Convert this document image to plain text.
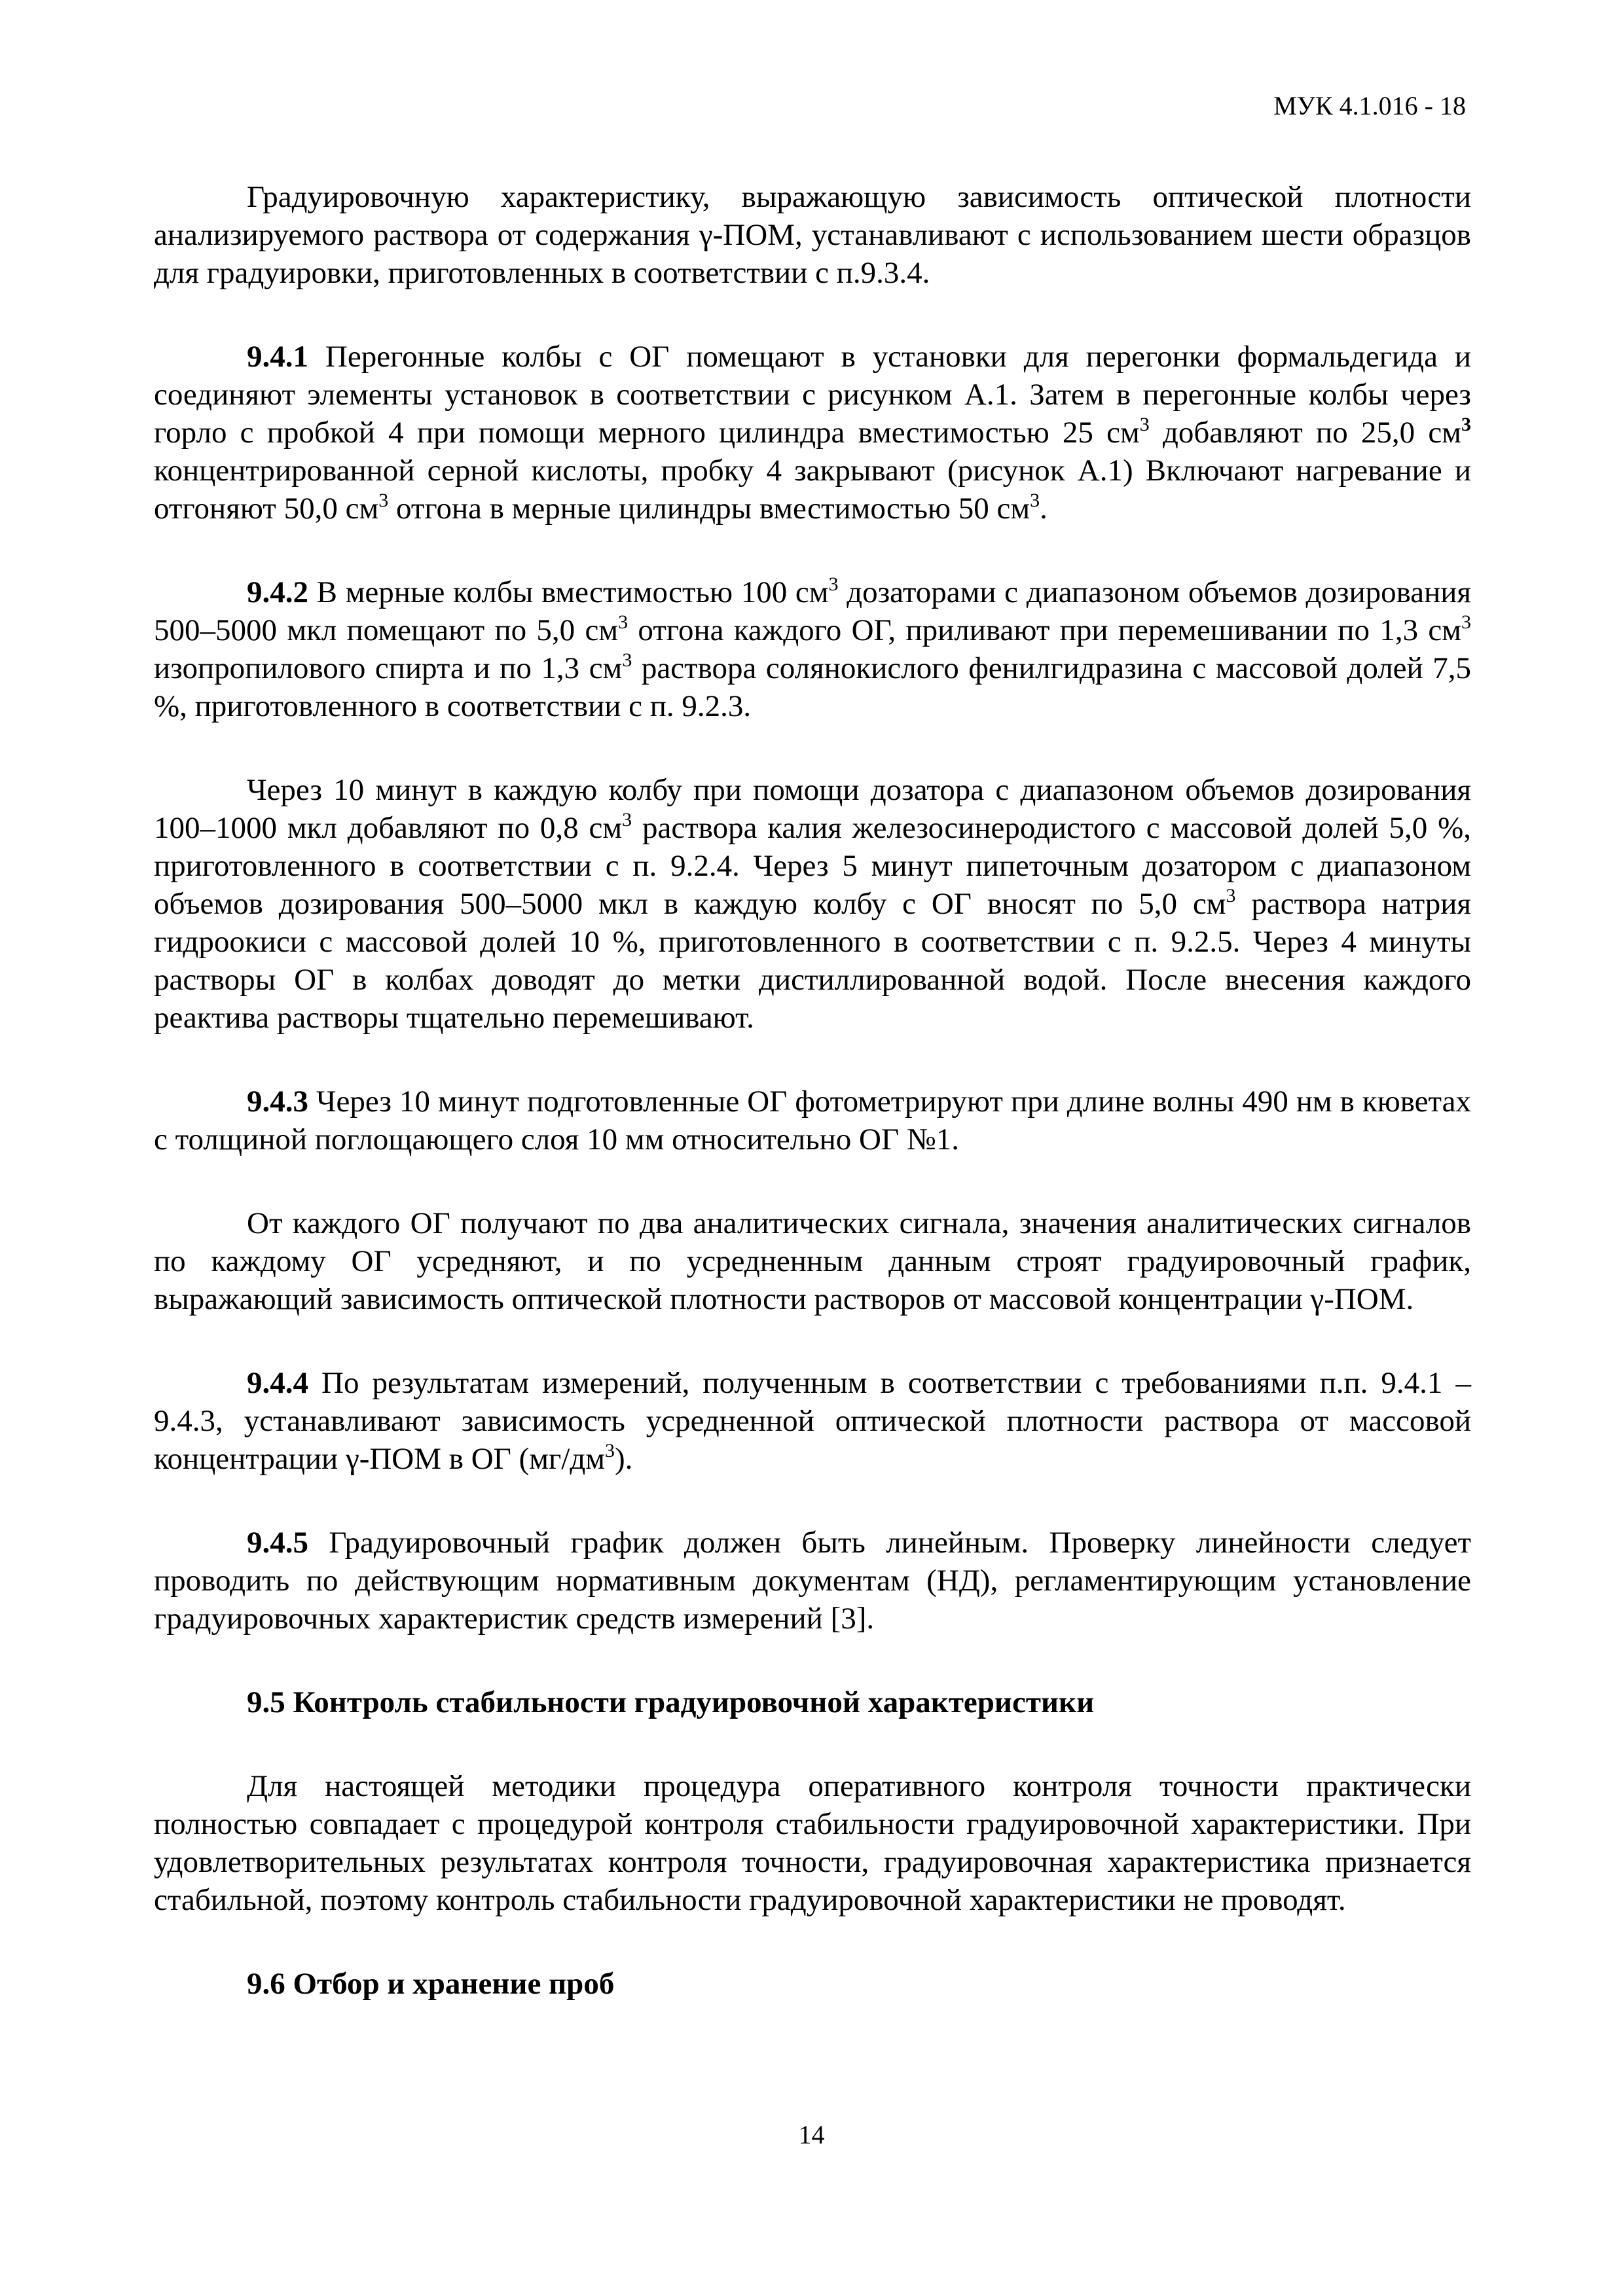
МУК 4.1.016 - 18

Градуировочную характеристику, выражающую зависимость оптической плотности анализируемого раствора от содержания γ-ПОМ, устанавливают с использованием шести образцов для градуировки, приготовленных в соответствии с п.9.3.4.

9.4.1 Перегонные колбы с ОГ помещают в установки для перегонки формальдегида и соединяют элементы установок в соответствии с рисунком А.1. Затем в перегонные колбы через горло с пробкой 4 при помощи мерного цилиндра вместимостью 25 $см^3$ добавляют по 25,0 $см^3$ концентрированной серной кислоты, пробку 4 закрывают (рисунок А.1) Включают нагревание и отгоняют 50,0 $см^3$ отгона в мерные цилиндры вместимостью 50 $см^3$.

9.4.2 В мерные колбы вместимостью 100 $см^3$ дозаторами с диапазоном объемов дозирования 500–5000 мкл помещают по 5,0 $см^3$ отгона каждого ОГ, приливают при перемешивании по 1,3 $см^3$ изопропилового спирта и по 1,3 $см^3$ раствора солянокислого фенилгидразина с массовой долей 7,5 %, приготовленного в соответствии с п. 9.2.3.

Через 10 минут в каждую колбу при помощи дозатора с диапазоном объемов дозирования 100–1000 мкл добавляют по 0,8 $см^3$ раствора калия железосинеродистого с массовой долей 5,0 %, приготовленного в соответствии с п. 9.2.4. Через 5 минут пипеточным дозатором с диапазоном объемов дозирования 500–5000 мкл в каждую колбу с ОГ вносят по 5,0 $см^3$ раствора натрия гидроокиси с массовой долей 10 %, приготовленного в соответствии с п. 9.2.5. Через 4 минуты растворы ОГ в колбах доводят до метки дистиллированной водой. После внесения каждого реактива растворы тщательно перемешивают.

9.4.3 Через 10 минут подготовленные ОГ фотометрируют при длине волны 490 нм в кюветах с толщиной поглощающего слоя 10 мм относительно ОГ №1.

От каждого ОГ получают по два аналитических сигнала, значения аналитических сигналов по каждому ОГ усредняют, и по усредненным данным строят градуировочный график, выражающий зависимость оптической плотности растворов от массовой концентрации γ-ПОМ.

9.4.4 По результатам измерений, полученным в соответствии с требованиями п.п. 9.4.1 – 9.4.3, устанавливают зависимость усредненной оптической плотности раствора от массовой концентрации γ-ПОМ в ОГ $(мг/дм^3)$.

9.4.5 Градуировочный график должен быть линейным. Проверку линейности следует проводить по действующим нормативным документам (НД), регламентирующим установление градуировочных характеристик средств измерений [3].

9.5 Контроль стабильности градуировочной характеристики

Для настоящей методики процедура оперативного контроля точности практически полностью совпадает с процедурой контроля стабильности градуировочной характеристики. При удовлетворительных результатах контроля точности, градуировочная характеристика признается стабильной, поэтому контроль стабильности градуировочной характеристики не проводят.

9.6 Отбор и хранение проб

14
